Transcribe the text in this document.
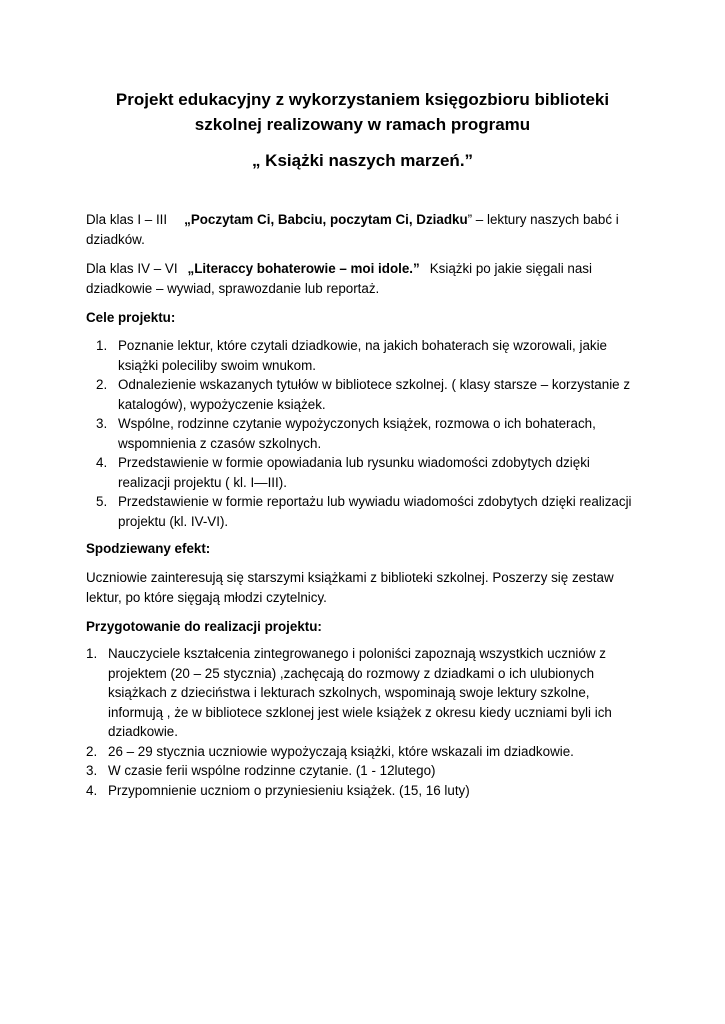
Projekt edukacyjny z wykorzystaniem księgozbioru biblioteki
szkolnej realizowany w ramach programu
„ Książki naszych marzeń.”
Dla klas I – III „Poczytam Ci, Babciu, poczytam Ci, Dziadku” – lektury naszych babć i dziadków.
Dla klas IV – VI „Literaccy bohaterowie – moi idole.” Książki po jakie sięgali nasi dziadkowie – wywiad, sprawozdanie lub reportaż.
Cele projektu:
1. Poznanie lektur, które czytali dziadkowie, na jakich bohaterach się wzorowali, jakie książki poleciliby swoim wnukom.
2. Odnalezienie wskazanych tytułów w bibliotece szkolnej. ( klasy starsze – korzystanie z katalogów), wypożyczenie książek.
3. Wspólne, rodzinne czytanie wypożyczonych książek, rozmowa o ich bohaterach, wspomnienia z czasów szkolnych.
4. Przedstawienie w formie opowiadania lub rysunku wiadomości zdobytych dzięki realizacji projektu ( kl. I—III).
5. Przedstawienie w formie reportażu lub wywiadu wiadomości zdobytych dzięki realizacji projektu (kl. IV-VI).
Spodziewany efekt:
Uczniowie zainteresują się starszymi książkami z biblioteki szkolnej. Poszerzy się zestaw lektur, po które sięgają młodzi czytelnicy.
Przygotowanie do realizacji projektu:
1. Nauczyciele kształcenia zintegrowanego i poloniści zapoznają wszystkich uczniów z projektem (20 – 25 stycznia) ,zachęcają do rozmowy z dziadkami o ich ulubionych książkach z dzieciństwa i lekturach szkolnych, wspominają swoje lektury szkolne, informują , że w bibliotece szklonej jest wiele książek z okresu kiedy uczniami byli ich dziadkowie.
2. 26 – 29 stycznia uczniowie wypożyczają książki, które wskazali im dziadkowie.
3. W czasie ferii wspólne rodzinne czytanie. (1 - 12lutego)
4. Przypomnienie uczniom o przyniesieniu książek. (15, 16 luty)
